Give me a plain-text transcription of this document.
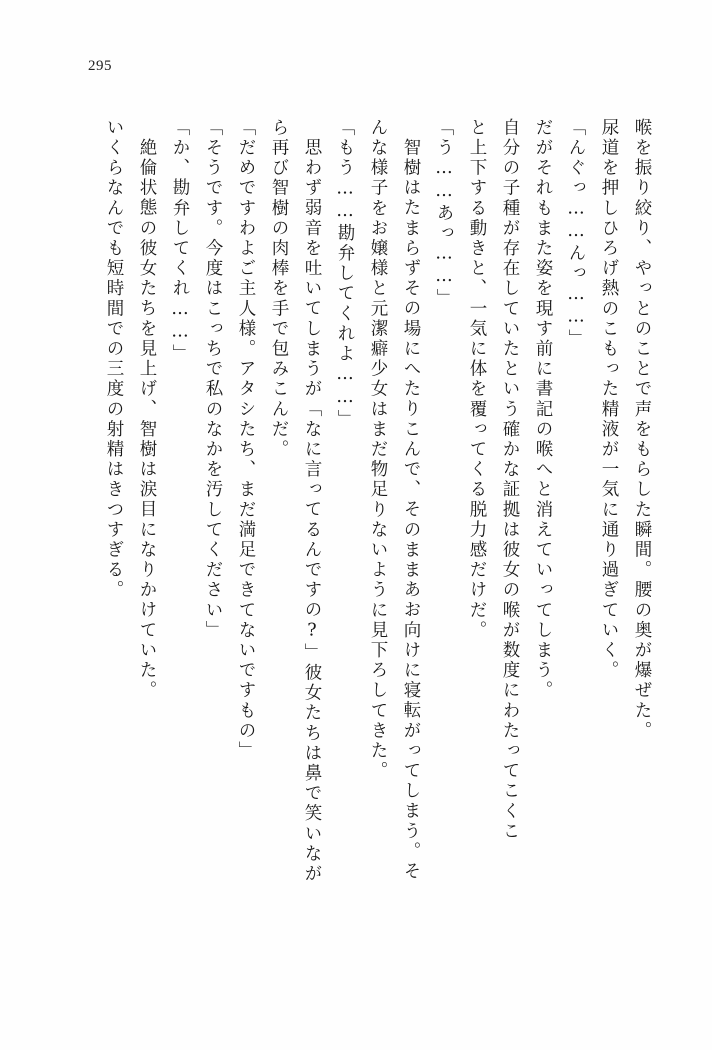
295
喉を振り絞り、やっとのことで声をもらした瞬間。腰の奥が爆ぜた。
尿道を押しひろげ熱のこもった精液が一気に通り過ぎていく。
「んぐっ……んっ……」
だがそれもまた姿を現す前に書記の喉へと消えていってしまう。
自分の子種が存在していたという確かな証拠は彼女の喉が数度にわたってこくこ
と上下する動きと、一気に体を覆ってくる脱力感だけだ。
「う……あっ……」
智樹はたまらずその場にへたりこんで、そのままあお向けに寝転がってしまう。そ
んな様子をお嬢様と元潔癖少女はまだ物足りないように見下ろしてきた。
「もう……勘弁してくれよ……」
思わず弱音を吐いてしまうが「なに言ってるんですの?」彼女たちは鼻で笑いなが
ら再び智樹の肉棒を手で包みこんだ。
「だめですわよご主人様。アタシたち、まだ満足できてないですもの」
「そうです。今度はこっちで私のなかを汚してください」
「か、勘弁してくれ……」
絶倫状態の彼女たちを見上げ、智樹は涙目になりかけていた。
いくらなんでも短時間での三度の射精はきつすぎる。
